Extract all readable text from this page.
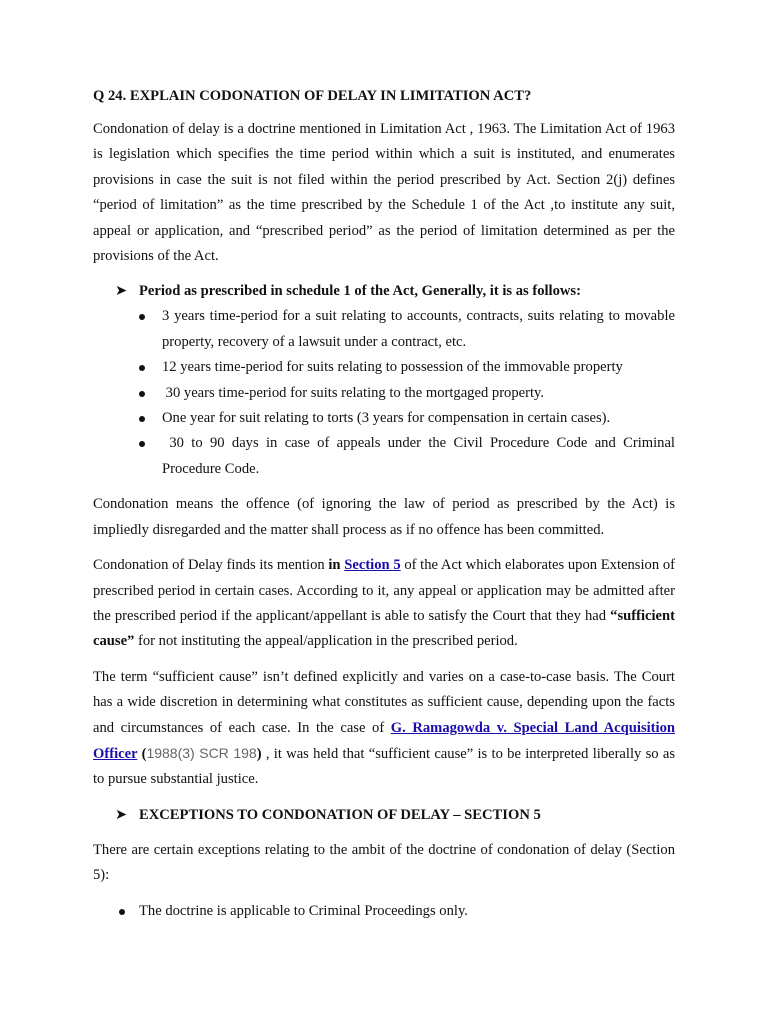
Q 24. EXPLAIN CODONATION OF DELAY IN LIMITATION ACT?

Condonation of delay is a doctrine mentioned in Limitation Act , 1963. The Limitation Act of 1963 is legislation which specifies the time period within which a suit is instituted, and enumerates provisions in case the suit is not filed within the period prescribed by Act. Section 2(j) defines “period of limitation” as the time prescribed by the Schedule 1 of the Act ,to institute any suit, appeal or application, and “prescribed period” as the period of limitation determined as per the provisions of the Act.

➤ Period as prescribed in schedule 1 of the Act, Generally, it is as follows:
3 years time-period for a suit relating to accounts, contracts, suits relating to movable property, recovery of a lawsuit under a contract, etc.
12 years time-period for suits relating to possession of the immovable property
30 years time-period for suits relating to the mortgaged property.
One year for suit relating to torts (3 years for compensation in certain cases).
30 to 90 days in case of appeals under the Civil Procedure Code and Criminal Procedure Code.

Condonation means the offence (of ignoring the law of period as prescribed by the Act) is impliedly disregarded and the matter shall process as if no offence has been committed.

Condonation of Delay finds its mention in Section 5 of the Act which elaborates upon Extension of prescribed period in certain cases. According to it, any appeal or application may be admitted after the prescribed period if the applicant/appellant is able to satisfy the Court that they had “sufficient cause” for not instituting the appeal/application in the prescribed period.

The term “sufficient cause” isn’t defined explicitly and varies on a case-to-case basis. The Court has a wide discretion in determining what constitutes as sufficient cause, depending upon the facts and circumstances of each case. In the case of G. Ramagowda v. Special Land Acquisition Officer (1988(3) SCR 198) , it was held that “sufficient cause” is to be interpreted liberally so as to pursue substantial justice.

➤ EXCEPTIONS TO CONDONATION OF DELAY – SECTION 5

There are certain exceptions relating to the ambit of the doctrine of condonation of delay (Section 5):

The doctrine is applicable to Criminal Proceedings only.
